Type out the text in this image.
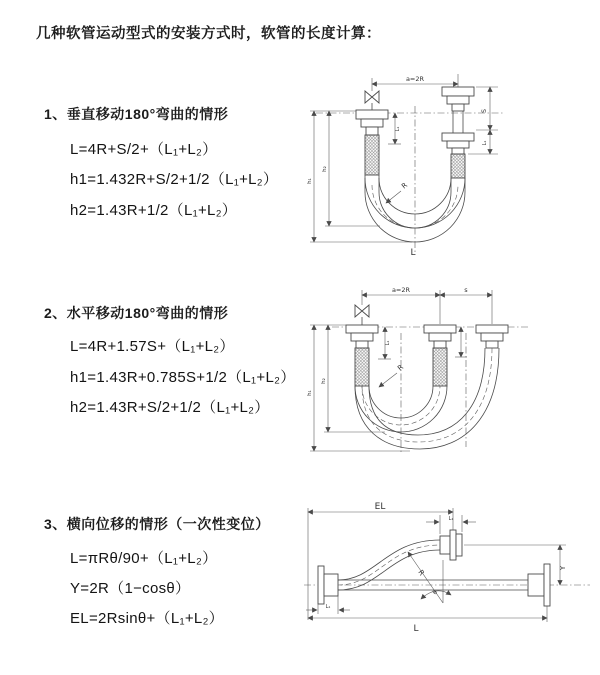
几种软管运动型式的安装方式时，软管的长度计算：
1、垂直移动180°弯曲的情形
L=4R+S/2+（L₁+L₂）
h1=1.432R+S/2+1/2（L₁+L₂）
h2=1.43R+1/2（L₁+L₂）
2、水平移动180°弯曲的情形
L=4R+1.57S+（L₁+L₂）
h1=1.43R+0.785S+1/2（L₁+L₂）
h2=1.43R+S/2+1/2（L₁+L₂）
3、横向位移的情形（一次性变位）
L=πRθ/90+（L₁+L₂）
Y=2R（1−cosθ）
EL=2Rsinθ+（L₁+L₂）
a=2R
S
L₁
L₁
h₂
h₁
R
L
a=2R	s
L₁
h₂
h₁
R
EL
L₁
Y
θ
R
L₁
L
